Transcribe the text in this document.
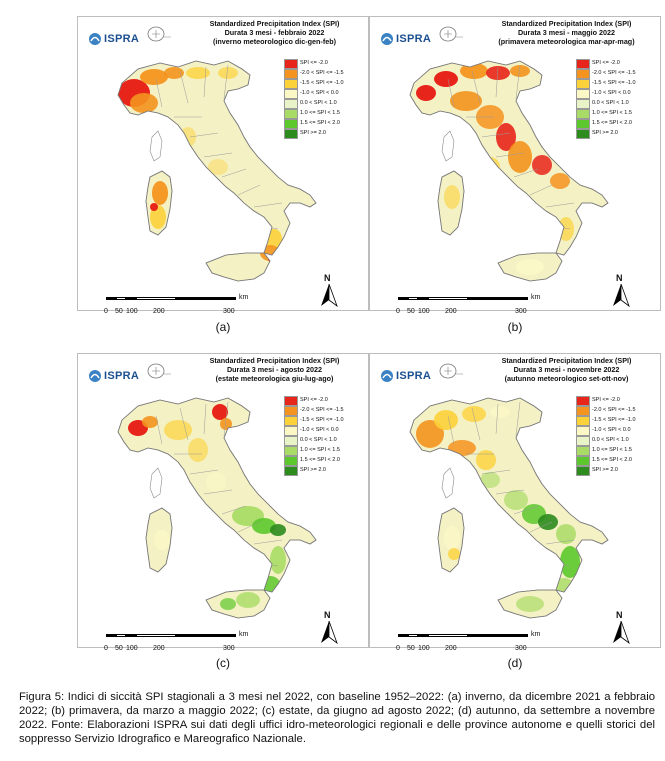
ISPRA
Standardized Precipitation Index (SPI)
Durata 3 mesi - febbraio 2022
(inverno meteorologico dic-gen-feb)
SPI <= -2.0
-2.0 < SPI <= -1.5
-1.5 < SPI <= -1.0
-1.0 < SPI < 0.0
0.0 < SPI < 1.0
1.0 <= SPI < 1.5
1.5 <= SPI < 2.0
SPI >= 2.0
N
km
0 50 100 200	300
ISPRA
Standardized Precipitation Index (SPI)
Durata 3 mesi - maggio 2022
(primavera meteorologica mar-apr-mag)
SPI <= -2.0
-2.0 < SPI <= -1.5
-1.5 < SPI <= -1.0
-1.0 < SPI < 0.0
0.0 < SPI < 1.0
1.0 <= SPI < 1.5
1.5 <= SPI < 2.0
SPI >= 2.0
N
km
0 50 100 200	300
ISPRA
Standardized Precipitation Index (SPI)
Durata 3 mesi - agosto 2022
(estate meteorologica giu-lug-ago)
SPI <= -2.0
-2.0 < SPI <= -1.5
-1.5 < SPI <= -1.0
-1.0 < SPI < 0.0
0.0 < SPI < 1.0
1.0 <= SPI < 1.5
1.5 <= SPI < 2.0
SPI >= 2.0
N
km
0 50 100 200	300
ISPRA
Standardized Precipitation Index (SPI)
Durata 3 mesi - novembre 2022
(autunno meteorologico set-ott-nov)
SPI <= -2.0
-2.0 < SPI <= -1.5
-1.5 < SPI <= -1.0
-1.0 < SPI < 0.0
0.0 < SPI < 1.0
1.0 <= SPI < 1.5
1.5 <= SPI < 2.0
SPI >= 2.0
N
km
0 50 100 200	300
(a)	(b)
(c)	(d)
Figura 5: Indici di siccità SPI stagionali a 3 mesi nel 2022, con baseline 1952–2022: (a) inverno, da dicembre 2021 a febbraio 2022; (b) primavera, da marzo a maggio 2022; (c) estate, da giugno ad agosto 2022; (d) autunno, da settembre a novembre 2022. Fonte: Elaborazioni ISPRA sui dati degli uffici idro-meteorologici regionali e delle province autonome e quelli storici del soppresso Servizio Idrografico e Mareografico Nazionale.
